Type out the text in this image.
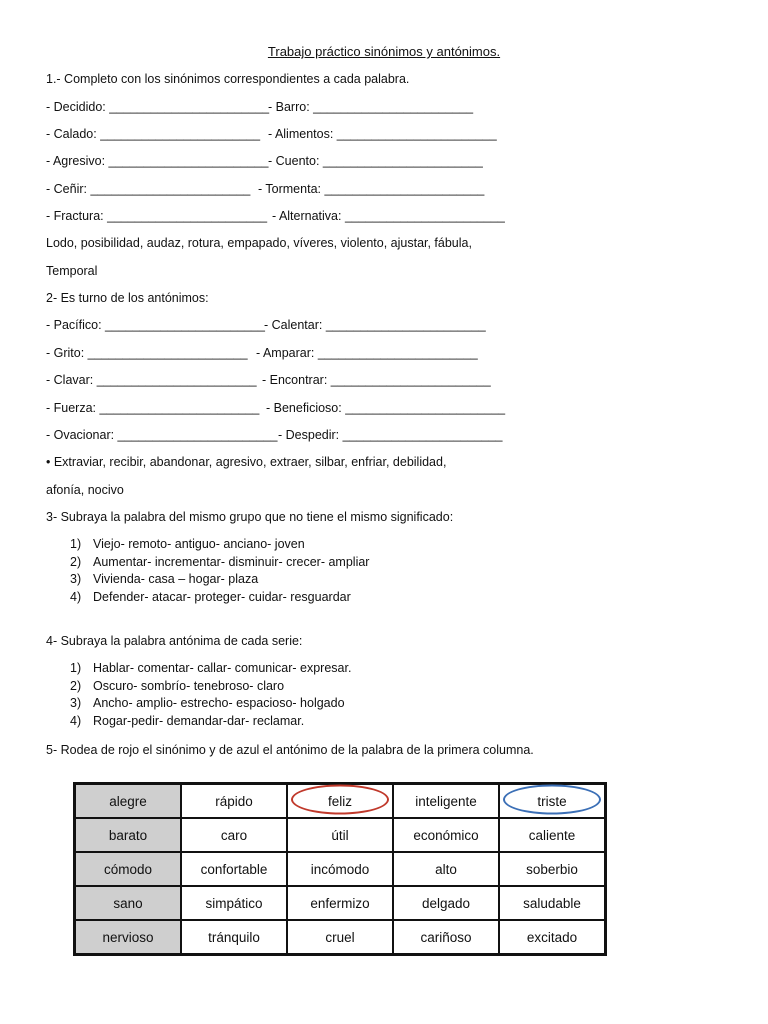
Trabajo práctico sinónimos y antónimos.
1.- Completo con los sinónimos correspondientes a cada palabra.
- Decidido: _______________________
- Barro: _______________________
- Calado: _______________________ - Alimentos: _______________________
- Agresivo: _______________________ - Cuento: _______________________
- Ceñir: _______________________ - Tormenta: _______________________
- Fractura: _______________________ - Alternativa: _______________________
Lodo, posibilidad, audaz, rotura, empapado, víveres, violento, ajustar, fábula,
Temporal
2- Es turno de los antónimos:
- Pacífico: _______________________ - Calentar: _______________________
- Grito: _______________________ - Amparar: _______________________
- Clavar: _______________________ - Encontrar: _______________________
- Fuerza: _______________________ - Beneficioso: _______________________
- Ovacionar: _______________________ - Despedir: _______________________
• Extraviar, recibir, abandonar, agresivo, extraer, silbar, enfriar, debilidad,
afonía, nocivo
3- Subraya la palabra del mismo grupo que no tiene el mismo significado:
1) Viejo- remoto- antiguo- anciano- joven
2) Aumentar- incrementar- disminuir- crecer- ampliar
3) Vivienda- casa – hogar- plaza
4) Defender- atacar- proteger- cuidar- resguardar
4- Subraya la palabra antónima de cada serie:
1) Hablar- comentar- callar- comunicar- expresar.
2) Oscuro- sombrío- tenebroso- claro
3) Ancho- amplio- estrecho- espacioso- holgado
4) Rogar-pedir- demandar-dar- reclamar.
5- Rodea de rojo el sinónimo y de azul el antónimo de la palabra de la primera columna.
alegre	rápido	feliz	inteligente	triste

barato	caro	útil	económico	caliente
cómodo	confortable	incómodo	alto	soberbio
sano	simpático	enfermizo	delgado	saludable
nervioso	tránquilo	cruel	cariñoso	excitado
